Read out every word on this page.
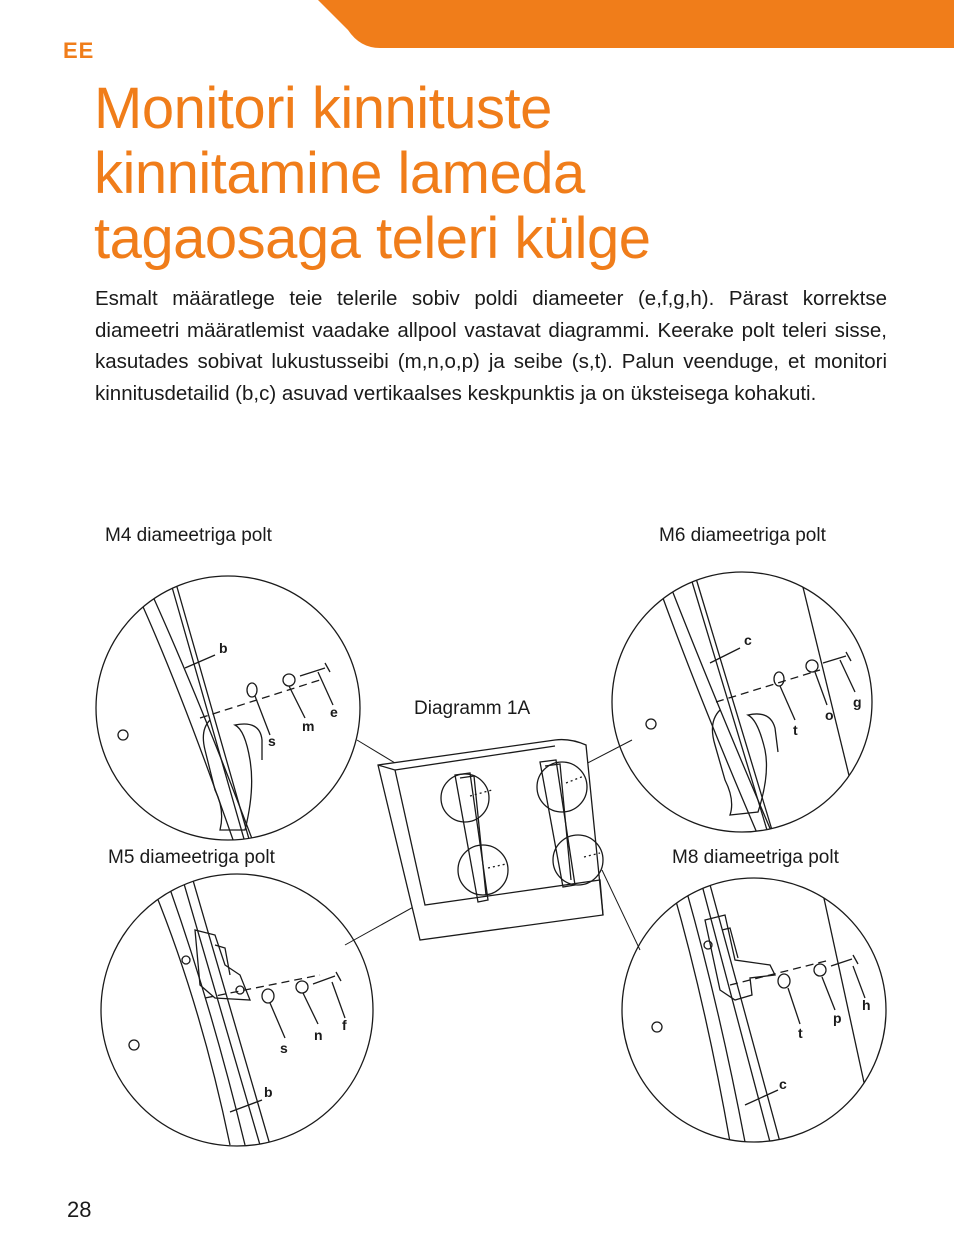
EE
Monitori kinnituste
kinnitamine lameda
tagaosaga teleri külge

Esmalt määratlege teie telerile sobiv poldi diameeter (e,f,g,h). Pärast korrektse diameetri määratlemist vaadake allpool vastavat diagrammi. Keerake polt teleri sisse, kasutades sobivat lukustusseibi (m,n,o,p) ja seibe (s,t). Palun veenduge, et monitori kinnitusdetailid (b,c) asuvad vertikaalses keskpunktis ja on üksteisega kohakuti.

M4 diameetriga polt	M6 diameetriga polt
Diagramm 1A
M5 diameetriga polt	M8 diameetriga polt
b
s
m
e
c
t
o
g
s
n
f
b
t
p
h
c
28
